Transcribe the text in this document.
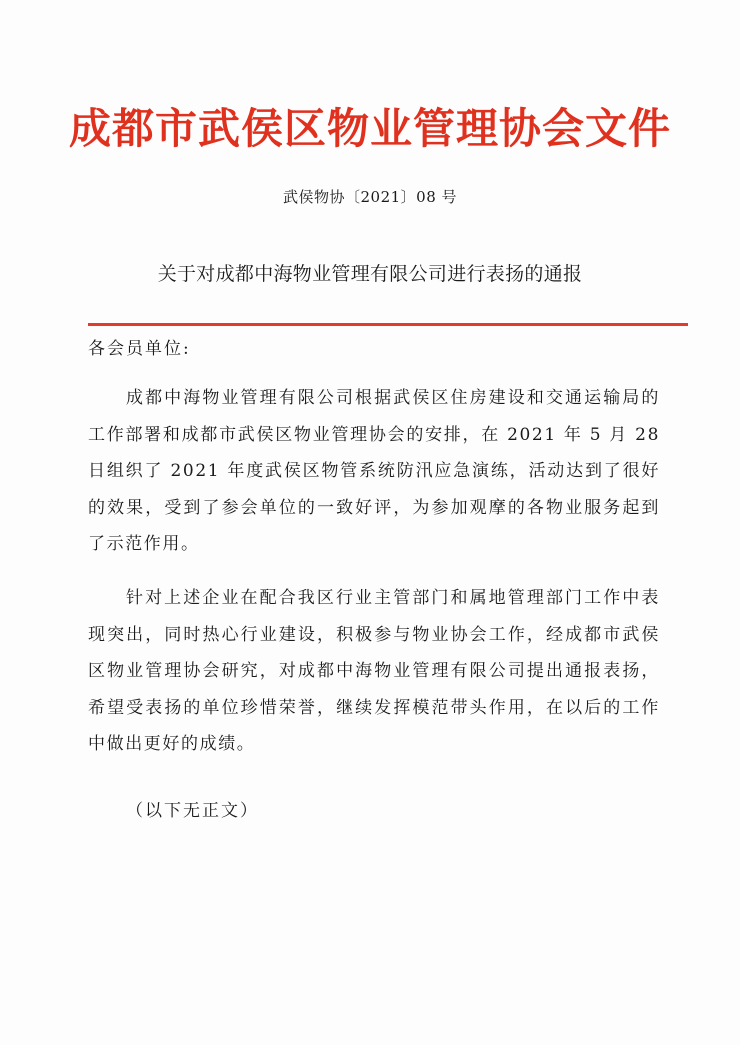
成都市武侯区物业管理协会文件
武侯物协〔2021〕08 号
关于对成都中海物业管理有限公司进行表扬的通报
各会员单位:
成都中海物业管理有限公司根据武侯区住房建设和交通运输局的工作部署和成都市武侯区物业管理协会的安排，在 2021 年 5 月 28 日组织了 2021 年度武侯区物管系统防汛应急演练，活动达到了很好的效果，受到了参会单位的一致好评，为参加观摩的各物业服务起到了示范作用。
针对上述企业在配合我区行业主管部门和属地管理部门工作中表现突出，同时热心行业建设，积极参与物业协会工作，经成都市武侯区物业管理协会研究，对成都中海物业管理有限公司提出通报表扬，希望受表扬的单位珍惜荣誉，继续发挥模范带头作用，在以后的工作中做出更好的成绩。
（以下无正文）
